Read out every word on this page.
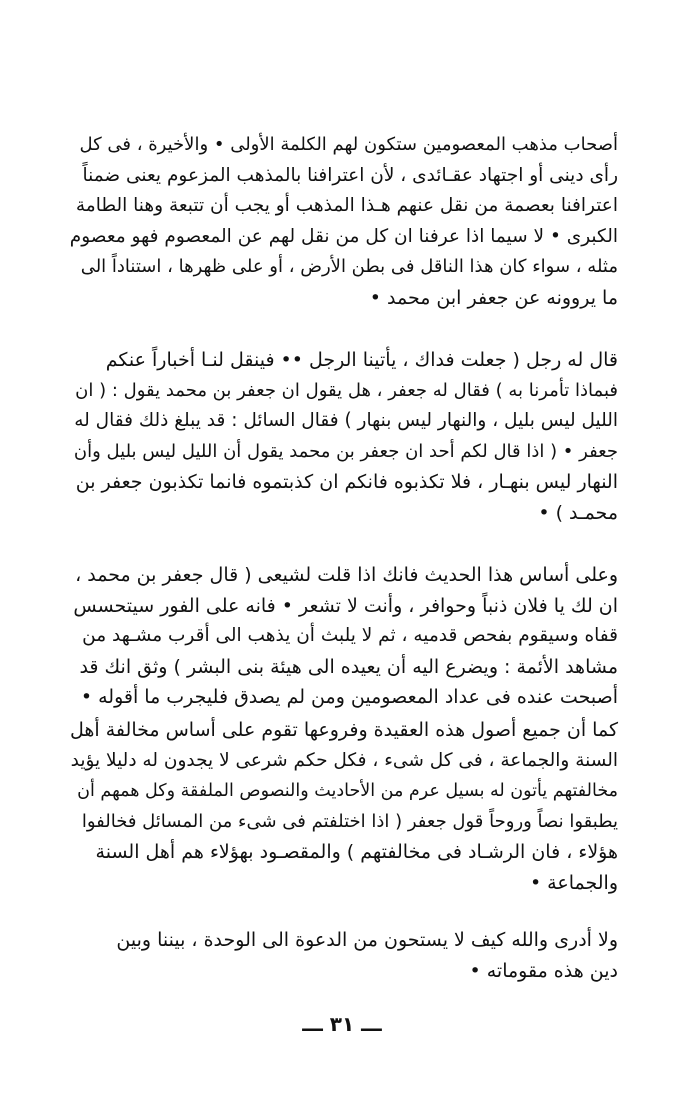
أصحاب مذهب المعصومين ستكون لهم الكلمة الأولى • والأخيرة ، فى كل
رأى دينى أو اجتهاد عقـائدى ، لأن اعترافنا بالمذهب المزعوم يعنى ضمناً
اعترافنا بعصمة من نقل عنهم هـذا المذهب أو يجب أن تتبعة وهنا الطامة
الكبرى • لا سيما اذا عرفنا ان كل من نقل لهم عن المعصوم فهو معصوم
مثله ، سواء كان هذا الناقل فى بطن الأرض ، أو على ظهرها ، استناداً الى
ما يروونه عن جعفر ابن محمد •
قال له رجل ( جعلت فداك ، يأتينا الرجل •• فينقل لنـا أخباراً عنكم
فبماذا تأمرنا به ) فقال له جعفر ، هل يقول ان جعفر بن محمد يقول : ( ان
الليل ليس بليل ، والنهار ليس بنهار ) فقال السائل : قد يبلغ ذلك فقال له
جعفر • ( اذا قال لكم أحد ان جعفر بن محمد يقول أن الليل ليس بليل وأن
النهار ليس بنهـار ، فلا تكذبوه فانكم ان كذبتموه فانما تكذبون جعفر بن
محمـد ) •
وعلى أساس هذا الحديث فانك اذا قلت لشيعى ( قال جعفر بن محمد ،
ان لك يا فلان ذنباً وحوافر ، وأنت لا تشعر • فانه على الفور سيتحسس
قفاه وسيقوم بفحص قدميه ، ثم لا يلبث أن يذهب الى أقرب مشـهد من
مشاهد الأئمة : ويضرع اليه أن يعيده الى هيئة بنى البشر ) وثق انك قد
أصبحت عنده فى عداد المعصومين ومن لم يصدق فليجرب ما أقوله •
كما أن جميع أصول هذه العقيدة وفروعها تقوم على أساس مخالفة أهل
السنة والجماعة ، فى كل شىء ، فكل حكم شرعى لا يجدون له دليلا يؤيد
مخالفتهم يأتون له بسيل عرم من الأحاديث والنصوص الملفقة وكل همهم أن
يطبقوا نصاً وروحاً قول جعفر ( اذا اختلفتم فى شىء من المسائل فخالفوا
هؤلاء ، فان الرشـاد فى مخالفتهم ) والمقصـود بهؤلاء هم أهل السنة
والجماعة •
ولا أدرى والله كيف لا يستحون من الدعوة الى الوحدة ، بيننا وبين
دين هذه مقوماته •
ـــ ٣١ ـــ
